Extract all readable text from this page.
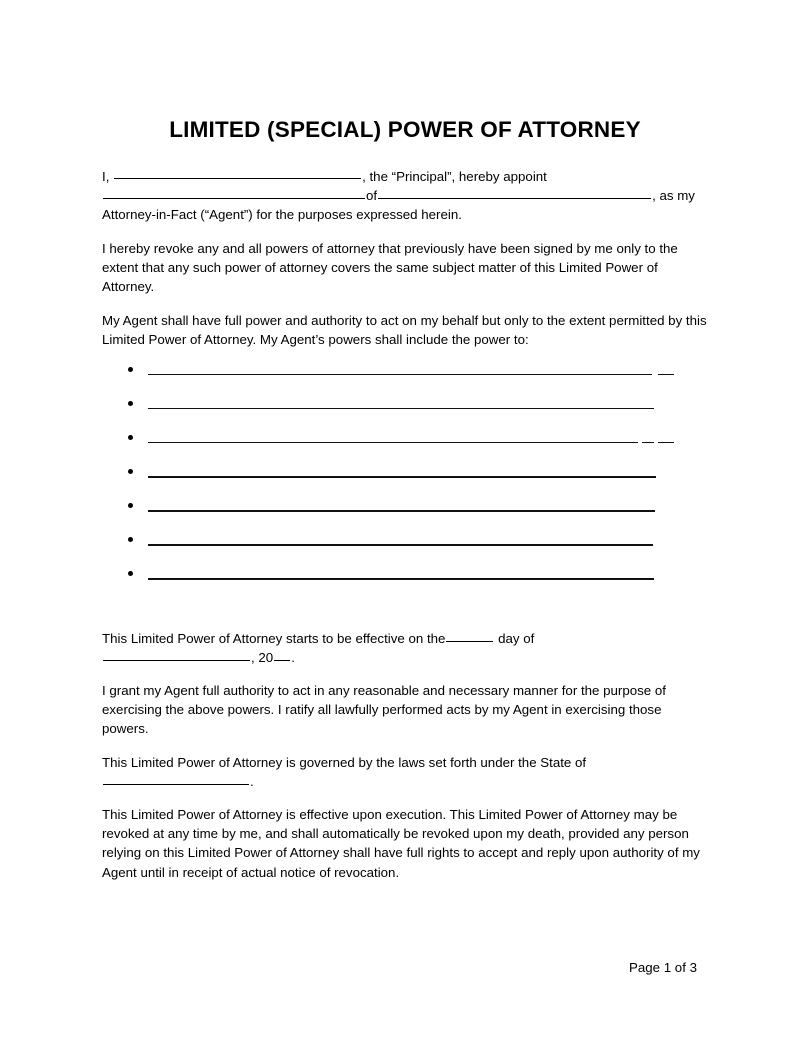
LIMITED (SPECIAL) POWER OF ATTORNEY

I,	, the “Principal”, hereby appoint
of	, as my
Attorney-in-Fact (“Agent”) for the purposes expressed herein.

I hereby revoke any and all powers of attorney that previously have been signed by me only to the extent that any such power of attorney covers the same subject matter of this Limited Power of Attorney.

My Agent shall have full power and authority to act on my behalf but only to the extent permitted by this Limited Power of Attorney. My Agent’s powers shall include the power to:

This Limited Power of Attorney starts to be effective on the	day of
, 20 .

I grant my Agent full authority to act in any reasonable and necessary manner for the purpose of exercising the above powers. I ratify all lawfully performed acts by my Agent in exercising those powers.

This Limited Power of Attorney is governed by the laws set forth under the State of

.

This Limited Power of Attorney is effective upon execution. This Limited Power of Attorney may be revoked at any time by me, and shall automatically be revoked upon my death, provided any person relying on this Limited Power of Attorney shall have full rights to accept and reply upon authority of my Agent until in receipt of actual notice of revocation.

Page 1 of 3
